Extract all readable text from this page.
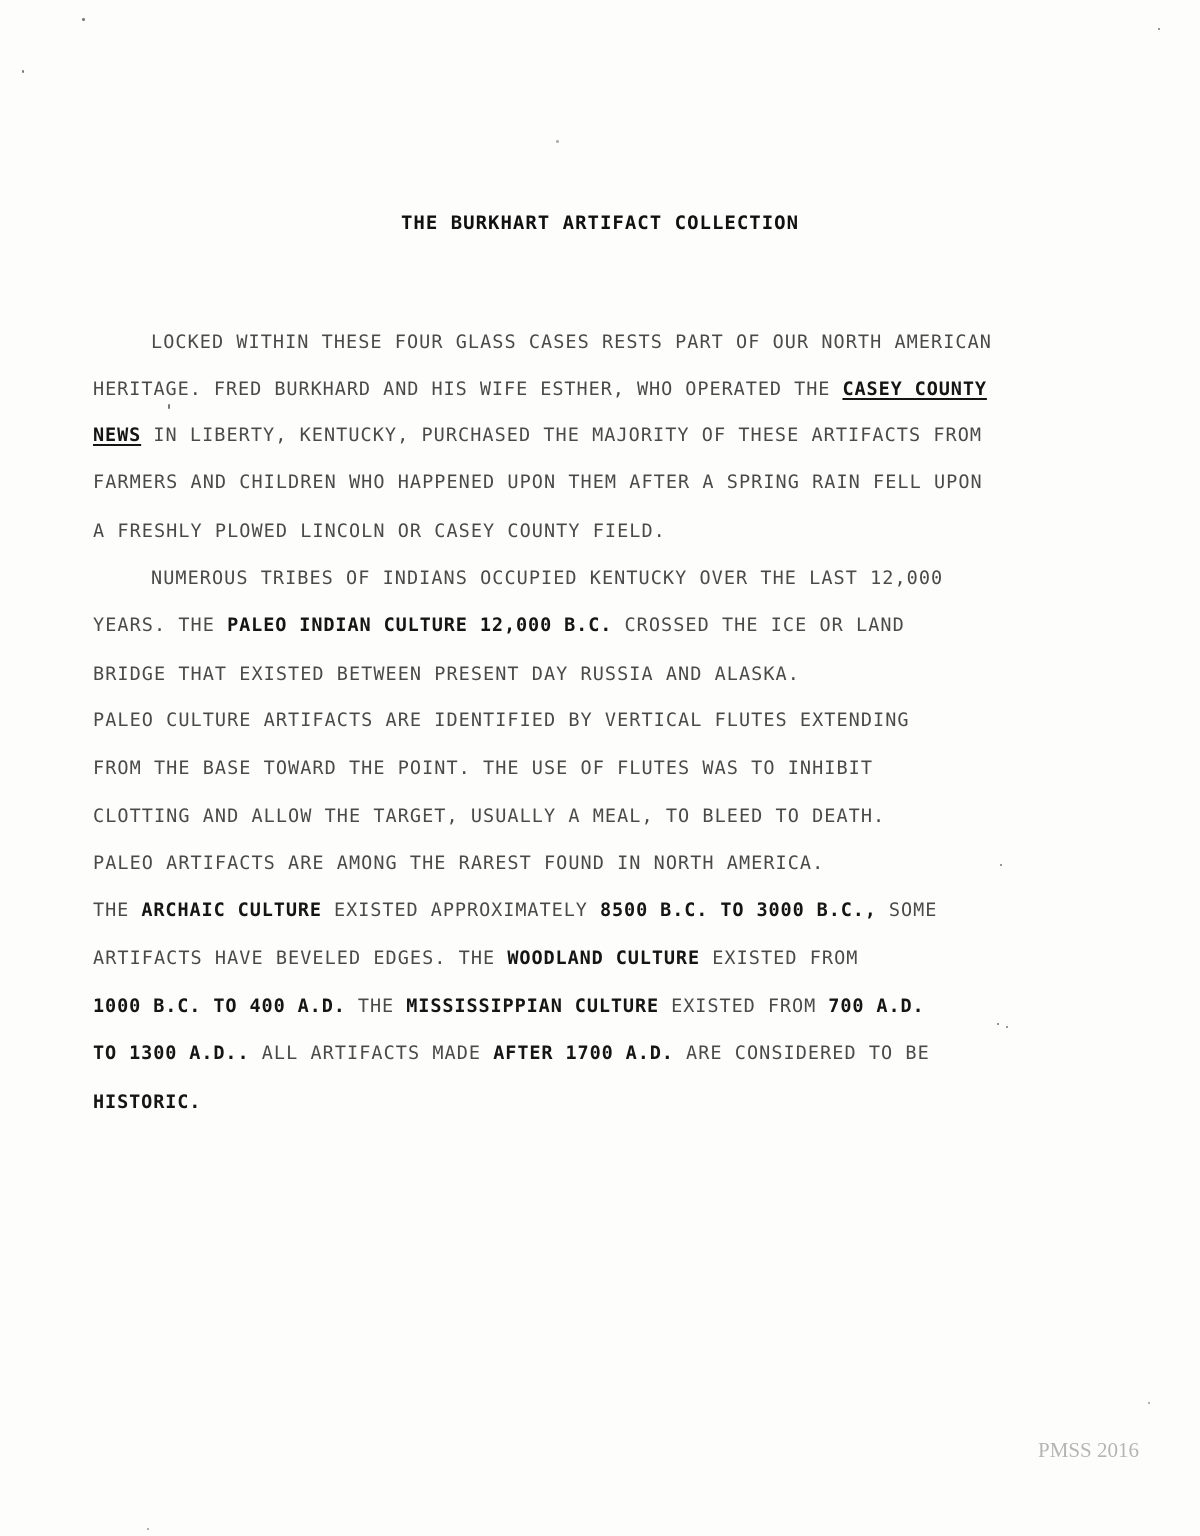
THE BURKHART ARTIFACT COLLECTION
LOCKED WITHIN THESE FOUR GLASS CASES RESTS PART OF OUR NORTH AMERICAN
HERITAGE. FRED BURKHARD AND HIS WIFE ESTHER, WHO OPERATED THE CASEY COUNTY
NEWS IN LIBERTY, KENTUCKY, PURCHASED THE MAJORITY OF THESE ARTIFACTS FROM
FARMERS AND CHILDREN WHO HAPPENED UPON THEM AFTER A SPRING RAIN FELL UPON
A FRESHLY PLOWED LINCOLN OR CASEY COUNTY FIELD.
NUMEROUS TRIBES OF INDIANS OCCUPIED KENTUCKY OVER THE LAST 12,000
YEARS. THE PALEO INDIAN CULTURE 12,000 B.C. CROSSED THE ICE OR LAND
BRIDGE THAT EXISTED BETWEEN PRESENT DAY RUSSIA AND ALASKA.
PALEO CULTURE ARTIFACTS ARE IDENTIFIED BY VERTICAL FLUTES EXTENDING
FROM THE BASE TOWARD THE POINT. THE USE OF FLUTES WAS TO INHIBIT
CLOTTING AND ALLOW THE TARGET, USUALLY A MEAL, TO BLEED TO DEATH.
PALEO ARTIFACTS ARE AMONG THE RAREST FOUND IN NORTH AMERICA.
THE ARCHAIC CULTURE EXISTED APPROXIMATELY 8500 B.C. TO 3000 B.C., SOME
ARTIFACTS HAVE BEVELED EDGES. THE WOODLAND CULTURE EXISTED FROM
1000 B.C. TO 400 A.D. THE MISSISSIPPIAN CULTURE EXISTED FROM 700 A.D.
TO 1300 A.D.. ALL ARTIFACTS MADE AFTER 1700 A.D. ARE CONSIDERED TO BE
HISTORIC.
PMSS 2016
